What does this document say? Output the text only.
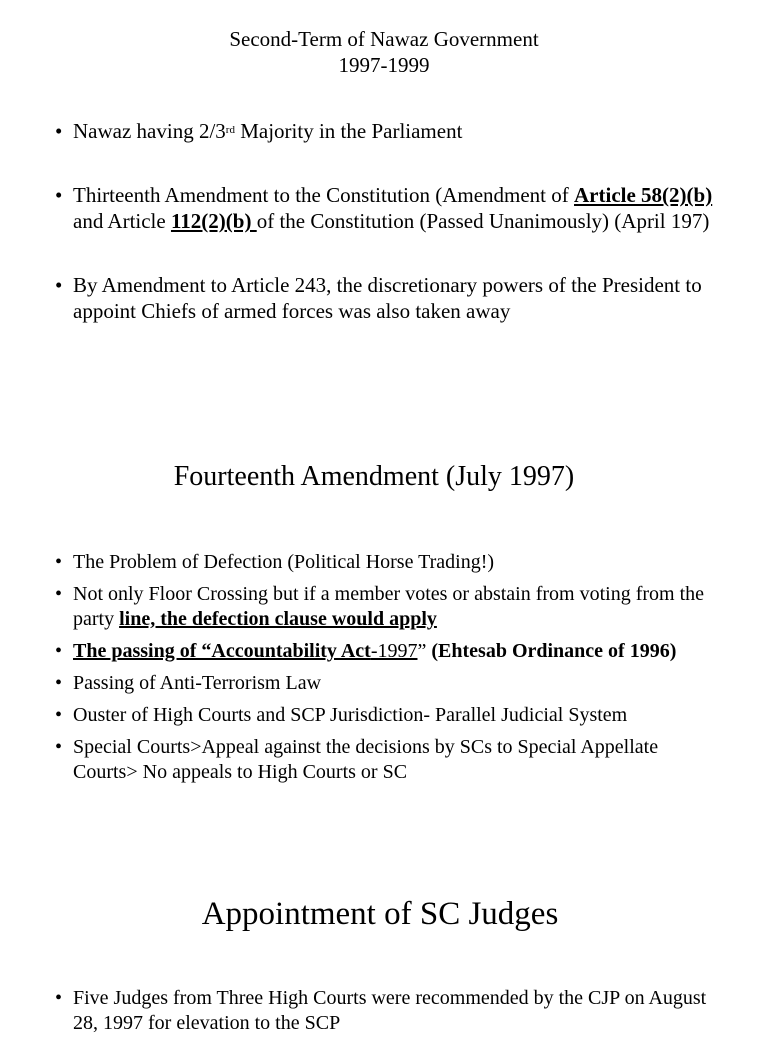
Second-Term of Nawaz Government
1997-1999
• Nawaz having 2/3rd Majority in the Parliament
• Thirteenth Amendment to the Constitution (Amendment of Article 58(2)(b) and Article 112(2)(b) of the Constitution (Passed Unanimously) (April 197)
• By Amendment to Article 243, the discretionary powers of the President to appoint Chiefs of armed forces was also taken away
Fourteenth Amendment (July 1997)
• The Problem of Defection (Political Horse Trading!)
• Not only Floor Crossing but if a member votes or abstain from voting from the party line, the defection clause would apply
• The passing of “Accountability Act-1997” (Ehtesab Ordinance of 1996)
• Passing of Anti-Terrorism Law
• Ouster of High Courts and SCP Jurisdiction- Parallel Judicial System
• Special Courts>Appeal against the decisions by SCs to Special Appellate Courts> No appeals to High Courts or SC
Appointment of SC Judges
• Five Judges from Three High Courts were recommended by the CJP on August 28, 1997 for elevation to the SCP
